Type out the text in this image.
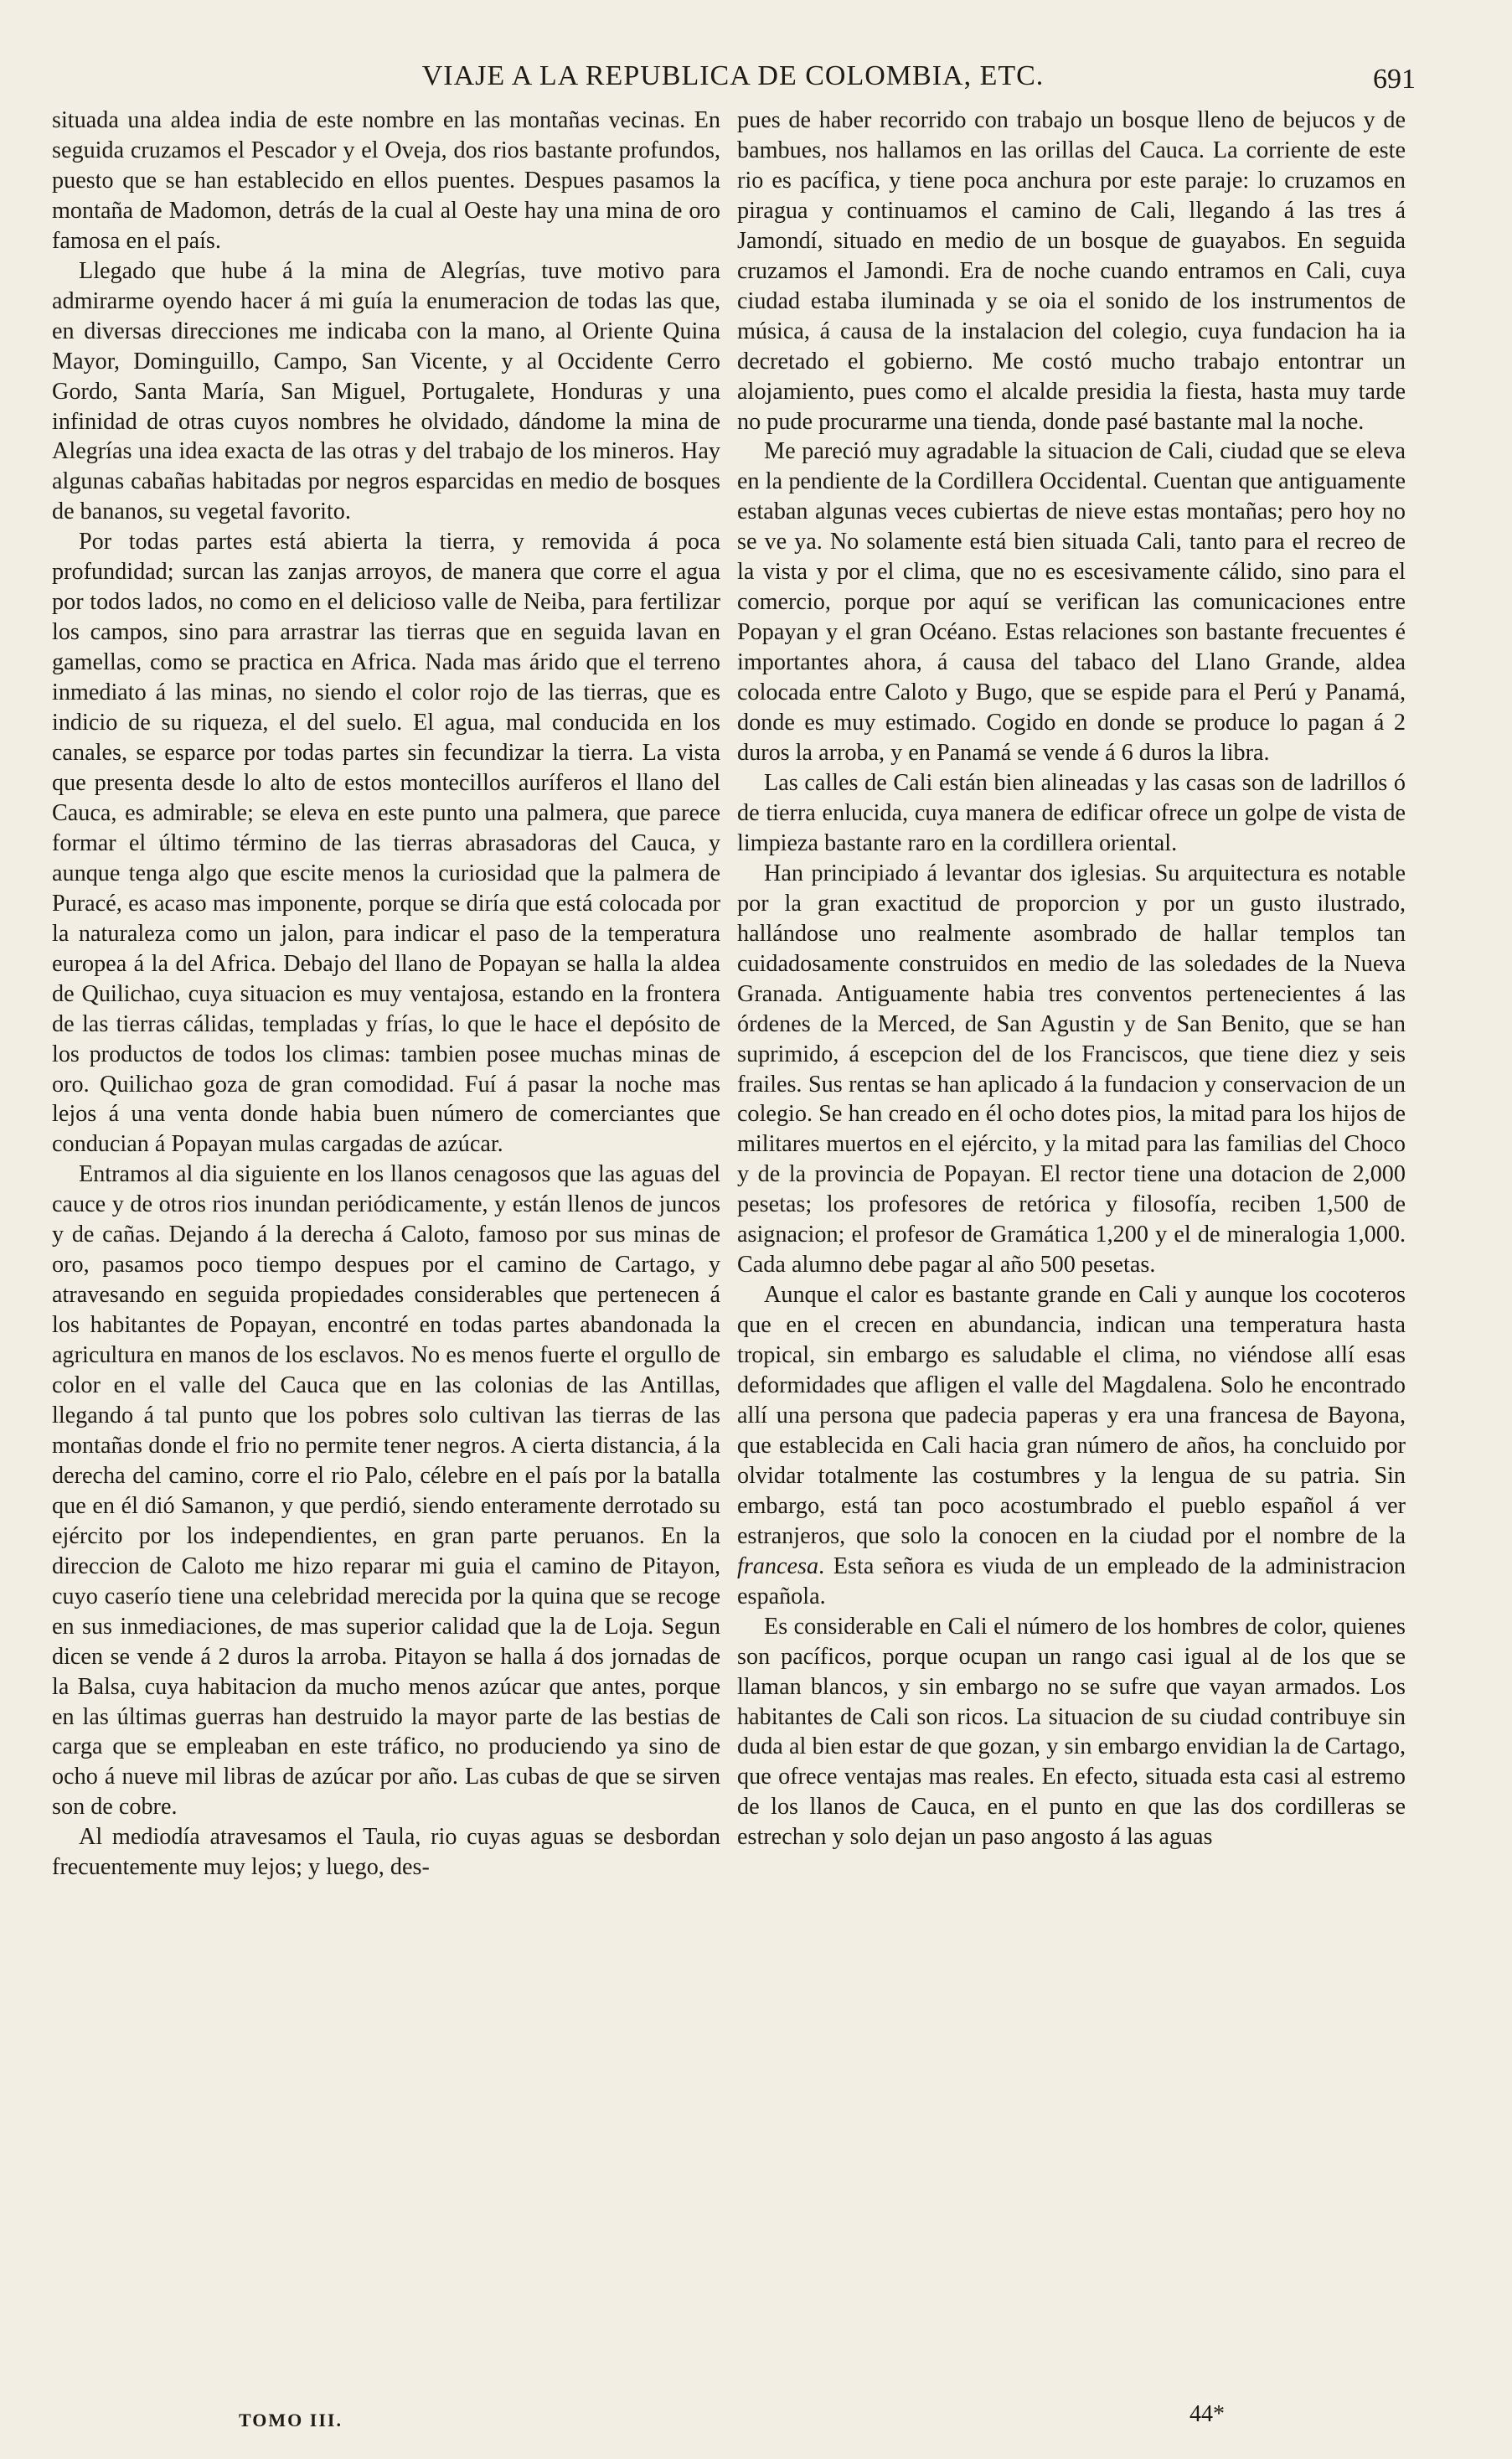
VIAJE A LA REPUBLICA DE COLOMBIA, ETC.	691

situada una aldea india de este nombre en las montañas vecinas. En seguida cruzamos el Pescador y el Oveja, dos rios bastante profundos, puesto que se han establecido en ellos puentes. Despues pasamos la montaña de Madomon, detrás de la cual al Oeste hay una mina de oro famosa en el país.

Llegado que hube á la mina de Alegrías, tuve motivo para admirarme oyendo hacer á mi guía la enumeracion de todas las que, en diversas direcciones me indicaba con la mano, al Oriente Quina Mayor, Dominguillo, Campo, San Vicente, y al Occidente Cerro Gordo, Santa María, San Miguel, Portugalete, Honduras y una infinidad de otras cuyos nombres he olvidado, dándome la mina de Alegrías una idea exacta de las otras y del trabajo de los mineros. Hay algunas cabañas habitadas por negros esparcidas en medio de bosques de bananos, su vegetal favorito.

Por todas partes está abierta la tierra, y removida á poca profundidad; surcan las zanjas arroyos, de manera que corre el agua por todos lados, no como en el delicioso valle de Neiba, para fertilizar los campos, sino para arrastrar las tierras que en seguida lavan en gamellas, como se practica en Africa. Nada mas árido que el terreno inmediato á las minas, no siendo el color rojo de las tierras, que es indicio de su riqueza, el del suelo. El agua, mal conducida en los canales, se esparce por todas partes sin fecundizar la tierra. La vista que presenta desde lo alto de estos montecillos auríferos el llano del Cauca, es admirable; se eleva en este punto una palmera, que parece formar el último término de las tierras abrasadoras del Cauca, y aunque tenga algo que escite menos la curiosidad que la palmera de Puracé, es acaso mas imponente, porque se diría que está colocada por la naturaleza como un jalon, para indicar el paso de la temperatura europea á la del Africa. Debajo del llano de Popayan se halla la aldea de Quilichao, cuya situacion es muy ventajosa, estando en la frontera de las tierras cálidas, templadas y frías, lo que le hace el depósito de los productos de todos los climas: tambien posee muchas minas de oro. Quilichao goza de gran comodidad. Fuí á pasar la noche mas lejos á una venta donde habia buen número de comerciantes que conducian á Popayan mulas cargadas de azúcar.

Entramos al dia siguiente en los llanos cenagosos que las aguas del cauce y de otros rios inundan periódicamente, y están llenos de juncos y de cañas. Dejando á la derecha á Caloto, famoso por sus minas de oro, pasamos poco tiempo despues por el camino de Cartago, y atravesando en seguida propiedades considerables que pertenecen á los habitantes de Popayan, encontré en todas partes abandonada la agricultura en manos de los esclavos. No es menos fuerte el orgullo de color en el valle del Cauca que en las colonias de las Antillas, llegando á tal punto que los pobres solo cultivan las tierras de las montañas donde el frio no permite tener negros. A cierta distancia, á la derecha del camino, corre el rio Palo, célebre en el país por la batalla que en él dió Samanon, y que perdió, siendo enteramente derrotado su ejército por los independientes, en gran parte peruanos. En la direccion de Caloto me hizo reparar mi guia el camino de Pitayon, cuyo caserío tiene una celebridad merecida por la quina que se recoge en sus inmediaciones, de mas superior calidad que la de Loja. Segun dicen se vende á 2 duros la arroba. Pitayon se halla á dos jornadas de la Balsa, cuya habitacion da mucho menos azúcar que antes, porque en las últimas guerras han destruido la mayor parte de las bestias de carga que se empleaban en este tráfico, no produciendo ya sino de ocho á nueve mil libras de azúcar por año. Las cubas de que se sirven son de cobre.

Al mediodía atravesamos el Taula, rio cuyas aguas se desbordan frecuentemente muy lejos; y luego, des-

pues de haber recorrido con trabajo un bosque lleno de bejucos y de bambues, nos hallamos en las orillas del Cauca. La corriente de este rio es pacífica, y tiene poca anchura por este paraje: lo cruzamos en piragua y continuamos el camino de Cali, llegando á las tres á Jamondí, situado en medio de un bosque de guayabos. En seguida cruzamos el Jamondi. Era de noche cuando entramos en Cali, cuya ciudad estaba iluminada y se oia el sonido de los instrumentos de música, á causa de la instalacion del colegio, cuya fundacion ha ia decretado el gobierno. Me costó mucho trabajo entontrar un alojamiento, pues como el alcalde presidia la fiesta, hasta muy tarde no pude procurarme una tienda, donde pasé bastante mal la noche.

Me pareció muy agradable la situacion de Cali, ciudad que se eleva en la pendiente de la Cordillera Occidental. Cuentan que antiguamente estaban algunas veces cubiertas de nieve estas montañas; pero hoy no se ve ya. No solamente está bien situada Cali, tanto para el recreo de la vista y por el clima, que no es escesivamente cálido, sino para el comercio, porque por aquí se verifican las comunicaciones entre Popayan y el gran Océano. Estas relaciones son bastante frecuentes é importantes ahora, á causa del tabaco del Llano Grande, aldea colocada entre Caloto y Bugo, que se espide para el Perú y Panamá, donde es muy estimado. Cogido en donde se produce lo pagan á 2 duros la arroba, y en Panamá se vende á 6 duros la libra.

Las calles de Cali están bien alineadas y las casas son de ladrillos ó de tierra enlucida, cuya manera de edificar ofrece un golpe de vista de limpieza bastante raro en la cordillera oriental.

Han principiado á levantar dos iglesias. Su arquitectura es notable por la gran exactitud de proporcion y por un gusto ilustrado, hallándose uno realmente asombrado de hallar templos tan cuidadosamente construidos en medio de las soledades de la Nueva Granada. Antiguamente habia tres conventos pertenecientes á las órdenes de la Merced, de San Agustin y de San Benito, que se han suprimido, á escepcion del de los Franciscos, que tiene diez y seis frailes. Sus rentas se han aplicado á la fundacion y conservacion de un colegio. Se han creado en él ocho dotes pios, la mitad para los hijos de militares muertos en el ejército, y la mitad para las familias del Choco y de la provincia de Popayan. El rector tiene una dotacion de 2,000 pesetas; los profesores de retórica y filosofía, reciben 1,500 de asignacion; el profesor de Gramática 1,200 y el de mineralogia 1,000. Cada alumno debe pagar al año 500 pesetas.

Aunque el calor es bastante grande en Cali y aunque los cocoteros que en el crecen en abundancia, indican una temperatura hasta tropical, sin embargo es saludable el clima, no viéndose allí esas deformidades que afligen el valle del Magdalena. Solo he encontrado allí una persona que padecia paperas y era una francesa de Bayona, que establecida en Cali hacia gran número de años, ha concluido por olvidar totalmente las costumbres y la lengua de su patria. Sin embargo, está tan poco acostumbrado el pueblo español á ver estranjeros, que solo la conocen en la ciudad por el nombre de la francesa. Esta señora es viuda de un empleado de la administracion española.

Es considerable en Cali el número de los hombres de color, quienes son pacíficos, porque ocupan un rango casi igual al de los que se llaman blancos, y sin embargo no se sufre que vayan armados. Los habitantes de Cali son ricos. La situacion de su ciudad contribuye sin duda al bien estar de que gozan, y sin embargo envidian la de Cartago, que ofrece ventajas mas reales. En efecto, situada esta casi al estremo de los llanos de Cauca, en el punto en que las dos cordilleras se estrechan y solo dejan un paso angosto á las aguas

TOMO III.	44*
